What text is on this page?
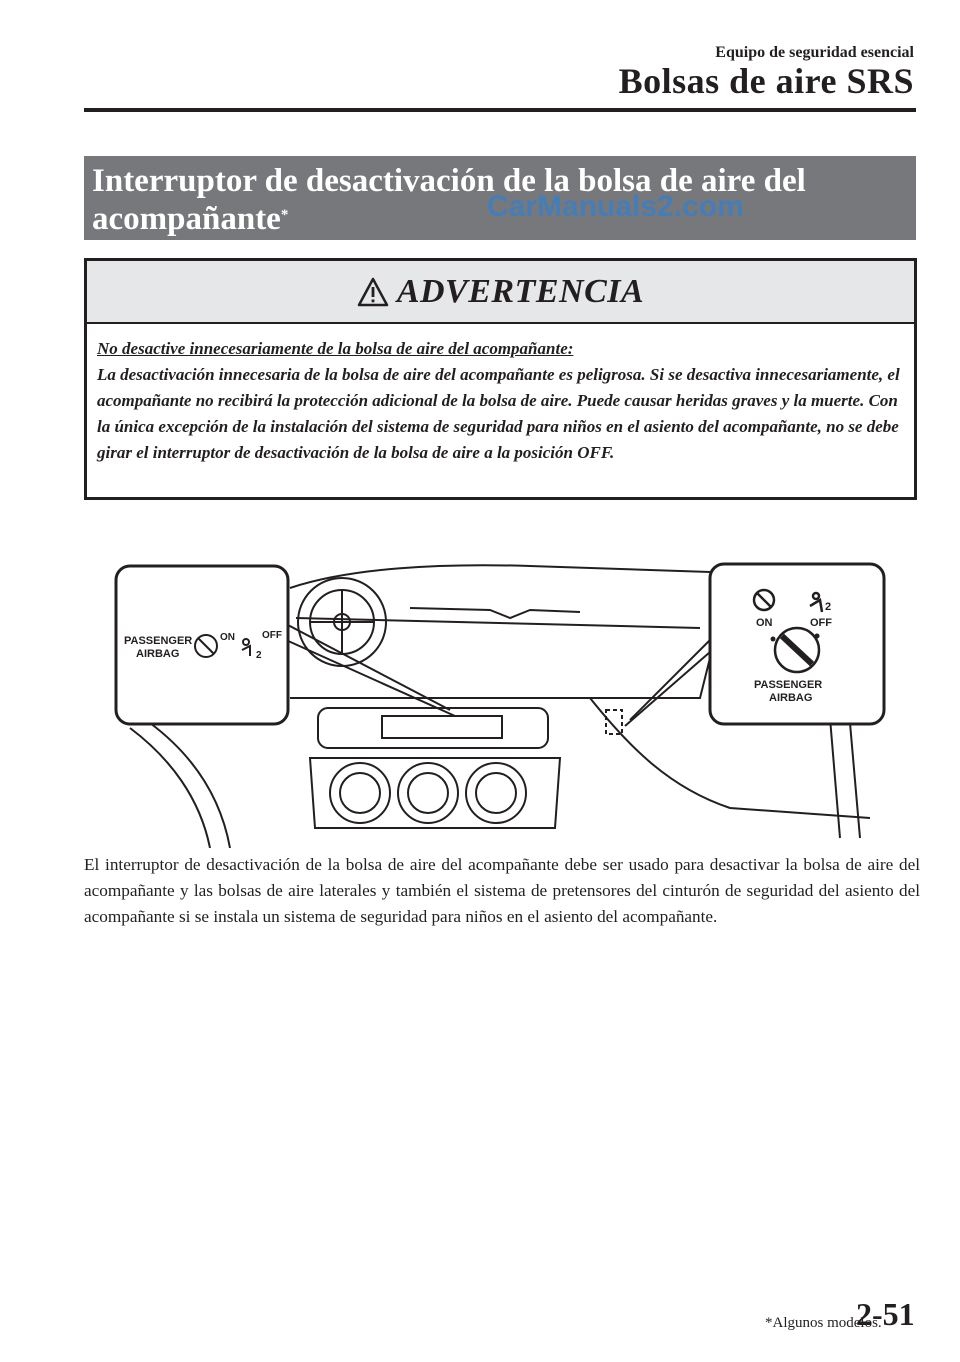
Equipo de seguridad esencial
Bolsas de aire SRS
Interruptor de desactivación de la bolsa de aire del
acompañante*	CarManuals2.com
ADVERTENCIA
No desactive innecesariamente de la bolsa de aire del acompañante:
La desactivación innecesaria de la bolsa de aire del acompañante es peligrosa. Si se desactiva innecesariamente, el acompañante no recibirá la protección adicional de la bolsa de aire. Puede causar heridas graves y la muerte. Con la única excepción de la instalación del sistema de seguridad para niños en el asiento del acompañante, no se debe girar el interruptor de desactivación de la bolsa de aire a la posición OFF.
PASSENGER
AIRBAG
ON	OFF
2
2
ON	OFF
PASSENGER
AIRBAG
El interruptor de desactivación de la bolsa de aire del acompañante debe ser usado para desactivar la bolsa de aire del acompañante y las bolsas de aire laterales y también el sistema de pretensores del cinturón de seguridad del asiento del acompañante si se instala un sistema de seguridad para niños en el asiento del acompañante.
*Algunos modelos.
2-51
